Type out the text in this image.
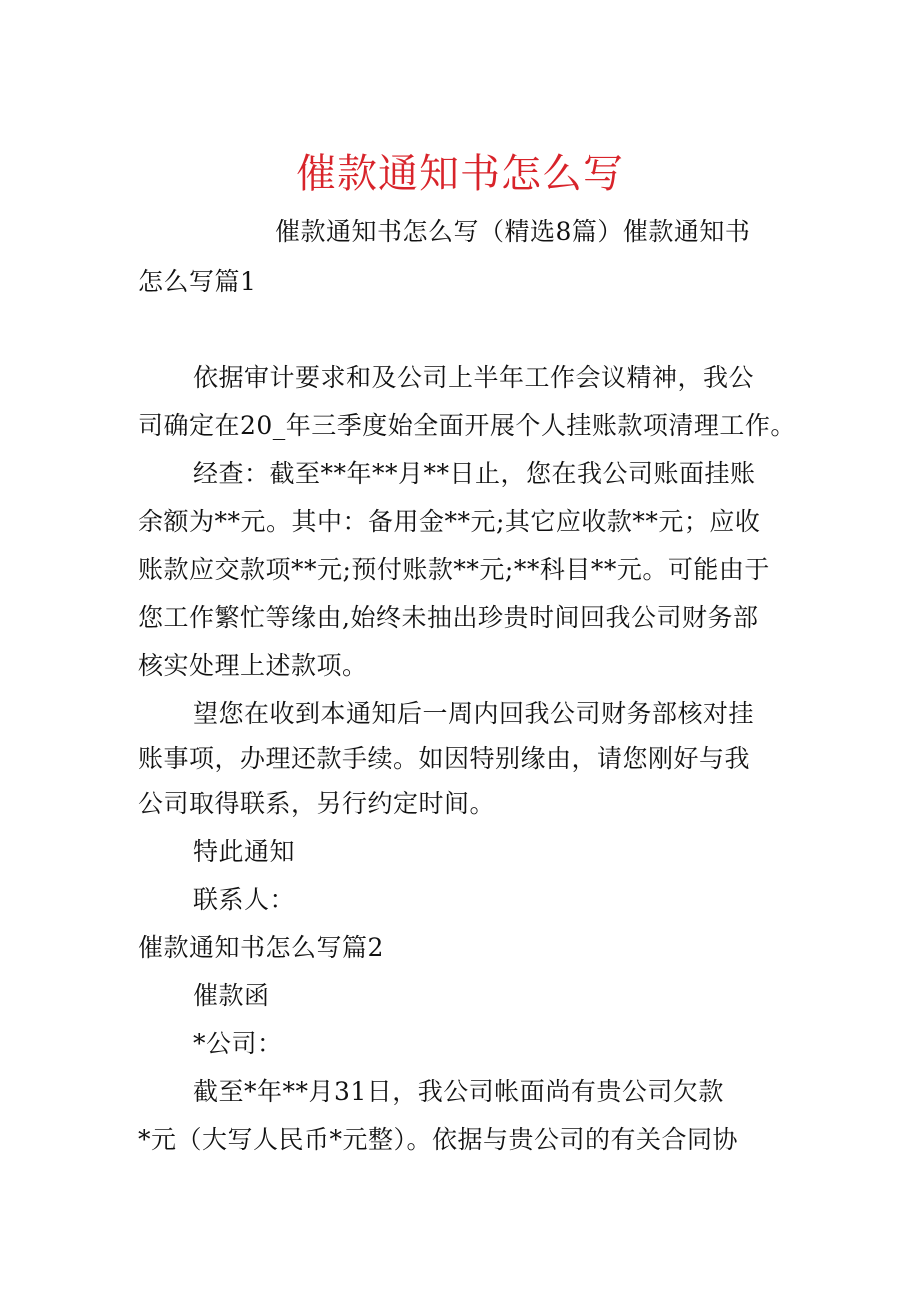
催款通知书怎么写
催款通知书怎么写（精选8篇）催款通知书
怎么写篇1
依据审计要求和及公司上半年工作会议精神，我公
司确定在20_年三季度始全面开展个人挂账款项清理工作。
经查：截至**年**月**日止，您在我公司账面挂账
余额为**元。其中：备用金**元;其它应收款**元；应收
账款应交款项**元;预付账款**元;**科目**元。可能由于
您工作繁忙等缘由,始终未抽出珍贵时间回我公司财务部
核实处理上述款项。
望您在收到本通知后一周内回我公司财务部核对挂
账事项，办理还款手续。如因特别缘由，请您刚好与我
公司取得联系，另行约定时间。
特此通知
联系人：
催款通知书怎么写篇2
催款函
*公司：
截至*年**月31日，我公司帐面尚有贵公司欠款
*元（大写人民币*元整）。依据与贵公司的有关合同协
